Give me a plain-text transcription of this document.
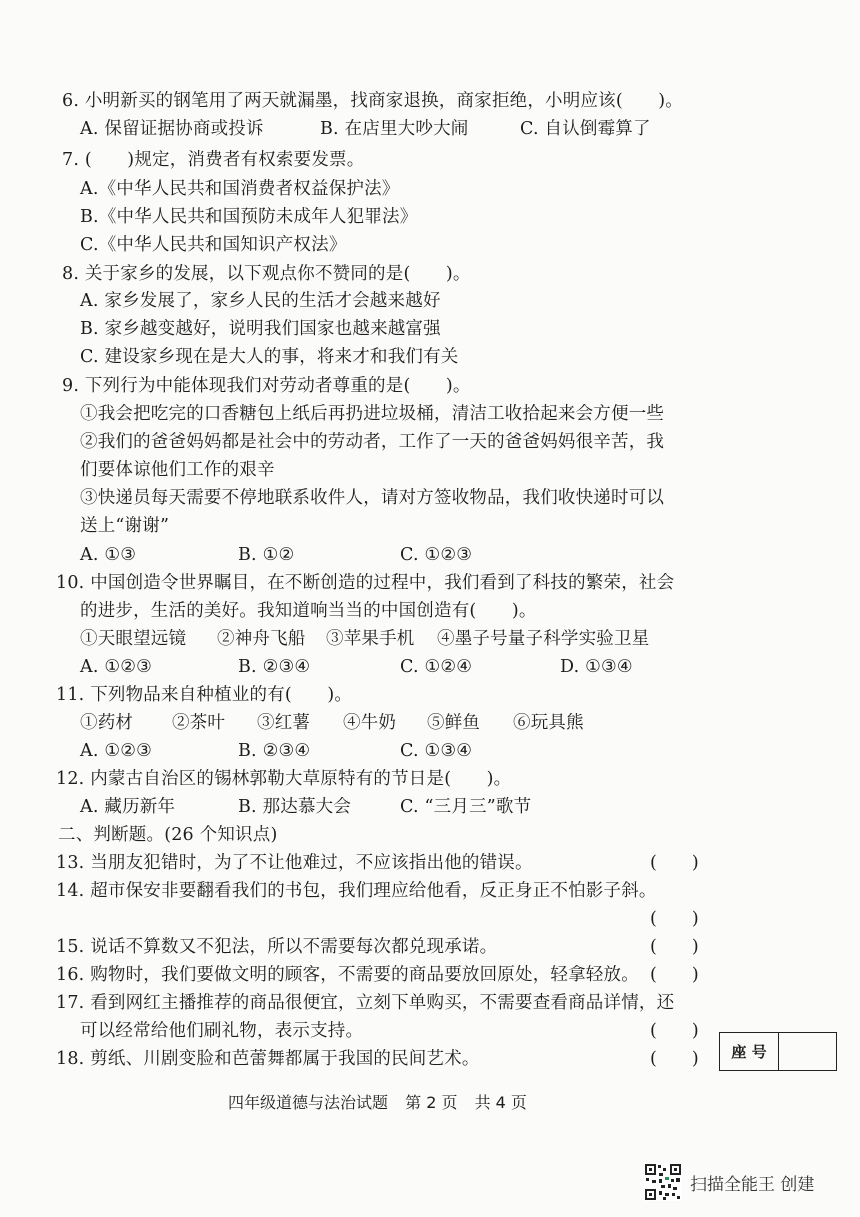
6. 小明新买的钢笔用了两天就漏墨，找商家退换，商家拒绝，小明应该(　　)。
A. 保留证据协商或投诉	B. 在店里大吵大闹	C. 自认倒霉算了
7. (　　)规定，消费者有权索要发票。
A.《中华人民共和国消费者权益保护法》
B.《中华人民共和国预防未成年人犯罪法》
C.《中华人民共和国知识产权法》
8. 关于家乡的发展，以下观点你不赞同的是(　　)。
A. 家乡发展了，家乡人民的生活才会越来越好
B. 家乡越变越好，说明我们国家也越来越富强
C. 建设家乡现在是大人的事，将来才和我们有关
9. 下列行为中能体现我们对劳动者尊重的是(　　)。
①我会把吃完的口香糖包上纸后再扔进垃圾桶，清洁工收拾起来会方便一些
②我们的爸爸妈妈都是社会中的劳动者，工作了一天的爸爸妈妈很辛苦，我
们要体谅他们工作的艰辛
③快递员每天需要不停地联系收件人，请对方签收物品，我们收快递时可以
送上“谢谢”
A. ①③	B. ①②	C. ①②③
10. 中国创造令世界瞩目，在不断创造的过程中，我们看到了科技的繁荣，社会
的进步，生活的美好。我知道响当当的中国创造有(　　)。
①天眼望远镜 ②神舟飞船 ③苹果手机 ④墨子号量子科学实验卫星
A. ①②③	B. ②③④	C. ①②④	D. ①③④
11. 下列物品来自种植业的有(　　)。
①药材 ②茶叶 ③红薯 ④牛奶 ⑤鲜鱼 ⑥玩具熊
A. ①②③	B. ②③④	C. ①③④
12. 内蒙古自治区的锡林郭勒大草原特有的节日是(　　)。
A. 藏历新年	B. 那达慕大会	C. “三月三”歌节
二、判断题。(26 个知识点)
13. 当朋友犯错时，为了不让他难过，不应该指出他的错误。	(　　)
14. 超市保安非要翻看我们的书包，我们理应给他看，反正身正不怕影子斜。
(　　)
15. 说话不算数又不犯法，所以不需要每次都兑现承诺。	(　　)
16. 购物时，我们要做文明的顾客，不需要的商品要放回原处，轻拿轻放。 (　　)
17. 看到网红主播推荐的商品很便宜，立刻下单购买，不需要查看商品详情，还
可以经常给他们刷礼物，表示支持。	(　　)
18. 剪纸、川剧变脸和芭蕾舞都属于我国的民间艺术。	(　　)	座 号
四年级道德与法治试题 第 2 页 共 4 页
扫描全能王 创建
